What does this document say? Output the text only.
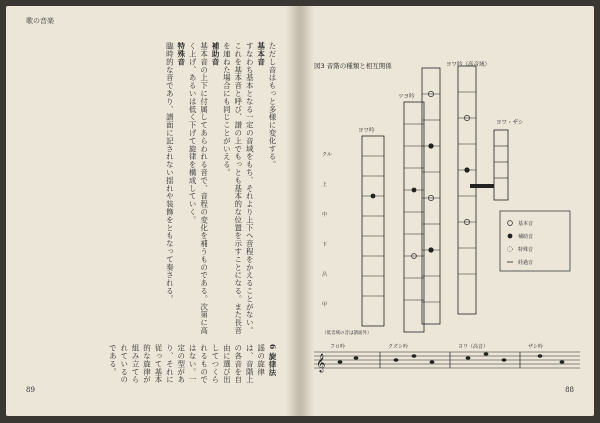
歌の音楽
ただし音はもっと多様に変化する。
基本音
すなわち基本となる一定の音域をもち、それより上下へ音程をかえることがない。これを基本音と呼び、譜の上でもっとも基本的な位置を示すことになる。また長音を連ねた場合にも同じことがいえる。
補助音
基本音の上下に付属してあらわれる音で、音程の変化を補うものである。次第に高く上げ、あるいは低く下げて旋律を構成していく。
特殊音
臨時的な音であり、譜面に記されない揺れや装飾をともなって奏される。
6 旋律法
謡の旋律は、音階上の各音を自由に選び出してつくられるものではない。一定の型があり、それに従って基本的な旋律が組み立てられているのである。
89
図3 音階の種類と相互関係
ヨワ吟
ツヨ吟
ヨワ吟（高音域）
ヨワ・ザシ
クル
上
中
下
呂
甲
基本音
補助音
特殊音
経過音
（低音域の音は譜面外）
𝄞
フロ吟	クズシ吟	ヨワ（高音）	ザシ吟
88
